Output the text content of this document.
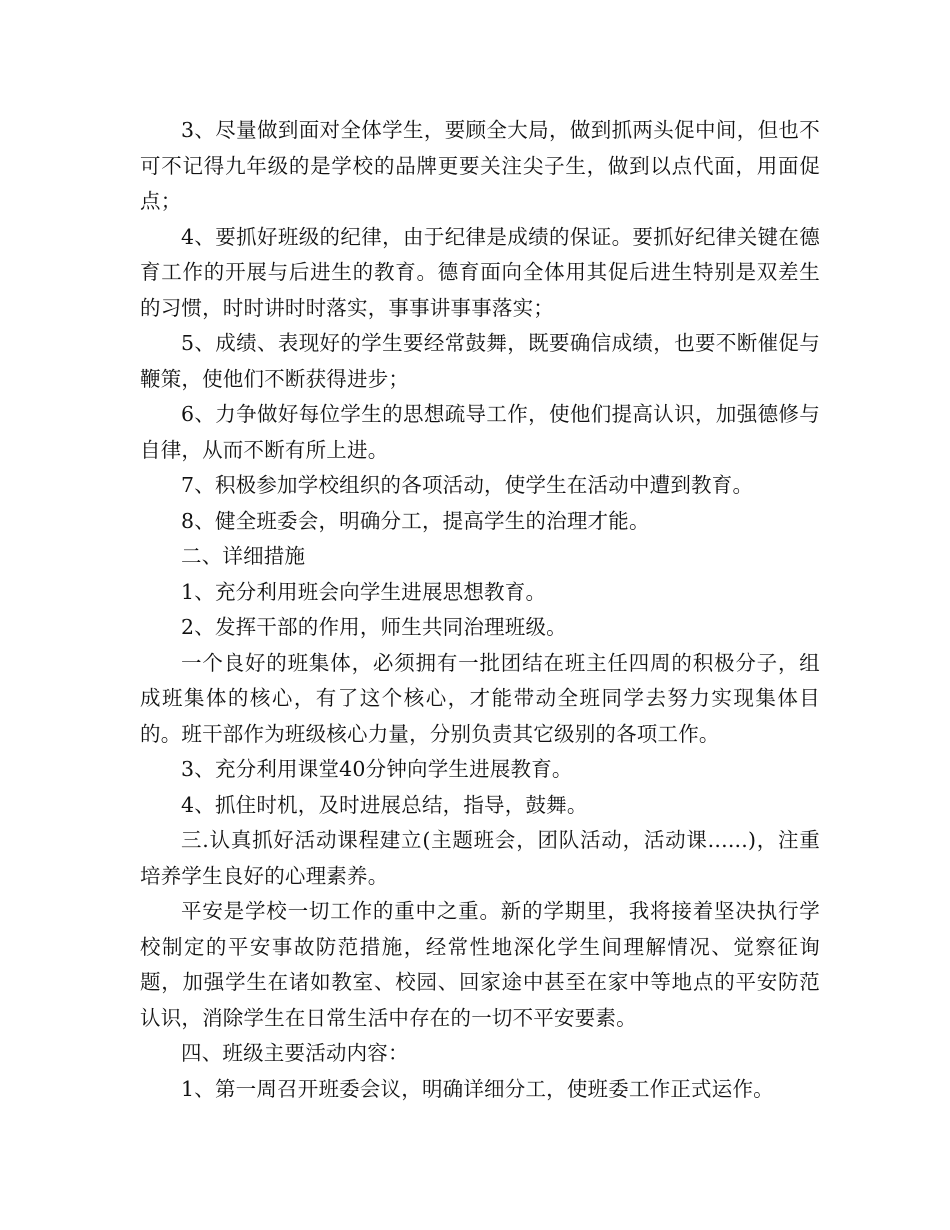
3、尽量做到面对全体学生，要顾全大局，做到抓两头促中间，但也不可不记得九年级的是学校的品牌更要关注尖子生，做到以点代面，用面促点；

4、要抓好班级的纪律，由于纪律是成绩的保证。要抓好纪律关键在德育工作的开展与后进生的教育。德育面向全体用其促后进生特别是双差生的习惯，时时讲时时落实，事事讲事事落实；

5、成绩、表现好的学生要经常鼓舞，既要确信成绩，也要不断催促与鞭策，使他们不断获得进步；

6、力争做好每位学生的思想疏导工作，使他们提高认识，加强德修与自律，从而不断有所上进。

7、积极参加学校组织的各项活动，使学生在活动中遭到教育。

8、健全班委会，明确分工，提高学生的治理才能。

二、详细措施

1、充分利用班会向学生进展思想教育。

2、发挥干部的作用，师生共同治理班级。

一个良好的班集体，必须拥有一批团结在班主任四周的积极分子，组成班集体的核心，有了这个核心，才能带动全班同学去努力实现集体目的。班干部作为班级核心力量，分别负责其它级别的各项工作。

3、充分利用课堂40分钟向学生进展教育。

4、抓住时机，及时进展总结，指导，鼓舞。

三.认真抓好活动课程建立(主题班会，团队活动，活动课......)，注重培养学生良好的心理素养。

平安是学校一切工作的重中之重。新的学期里，我将接着坚决执行学校制定的平安事故防范措施，经常性地深化学生间理解情况、觉察征询题，加强学生在诸如教室、校园、回家途中甚至在家中等地点的平安防范认识，消除学生在日常生活中存在的一切不平安要素。

四、班级主要活动内容：

1、第一周召开班委会议，明确详细分工，使班委工作正式运作。
